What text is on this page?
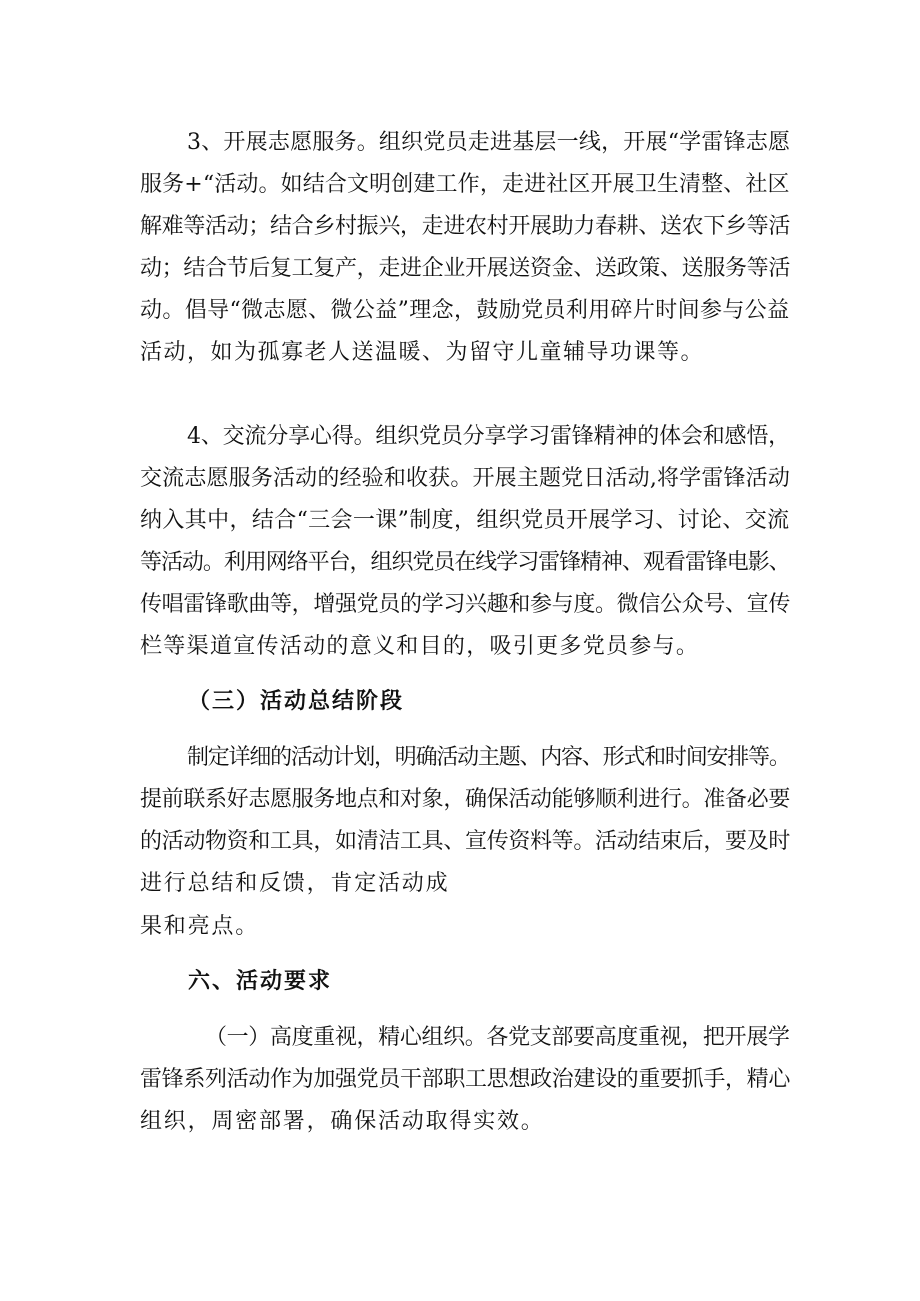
3、开展志愿服务。组织党员走进基层一线，开展“学雷锋志愿
服务+“活动。如结合文明创建工作，走进社区开展卫生清整、社区
解难等活动；结合乡村振兴，走进农村开展助力春耕、送农下乡等活
动；结合节后复工复产，走进企业开展送资金、送政策、送服务等活
动。倡导“微志愿、微公益”理念，鼓励党员利用碎片时间参与公益
活动，如为孤寡老人送温暖、为留守儿童辅导功课等。
4、交流分享心得。组织党员分享学习雷锋精神的体会和感悟，
交流志愿服务活动的经验和收获。开展主题党日活动,将学雷锋活动
纳入其中，结合“三会一课”制度，组织党员开展学习、讨论、交流
等活动。利用网络平台，组织党员在线学习雷锋精神、观看雷锋电影、
传唱雷锋歌曲等，增强党员的学习兴趣和参与度。微信公众号、宣传
栏等渠道宣传活动的意义和目的，吸引更多党员参与。
（三）活动总结阶段
制定详细的活动计划，明确活动主题、内容、形式和时间安排等。
提前联系好志愿服务地点和对象，确保活动能够顺利进行。准备必要
的活动物资和工具，如清洁工具、宣传资料等。活动结束后，要及时
进行总结和反馈，肯定活动成
果和亮点。
六、活动要求
（一）高度重视，精心组织。各党支部要高度重视，把开展学
雷锋系列活动作为加强党员干部职工思想政治建设的重要抓手，精心
组织，周密部署，确保活动取得实效。
